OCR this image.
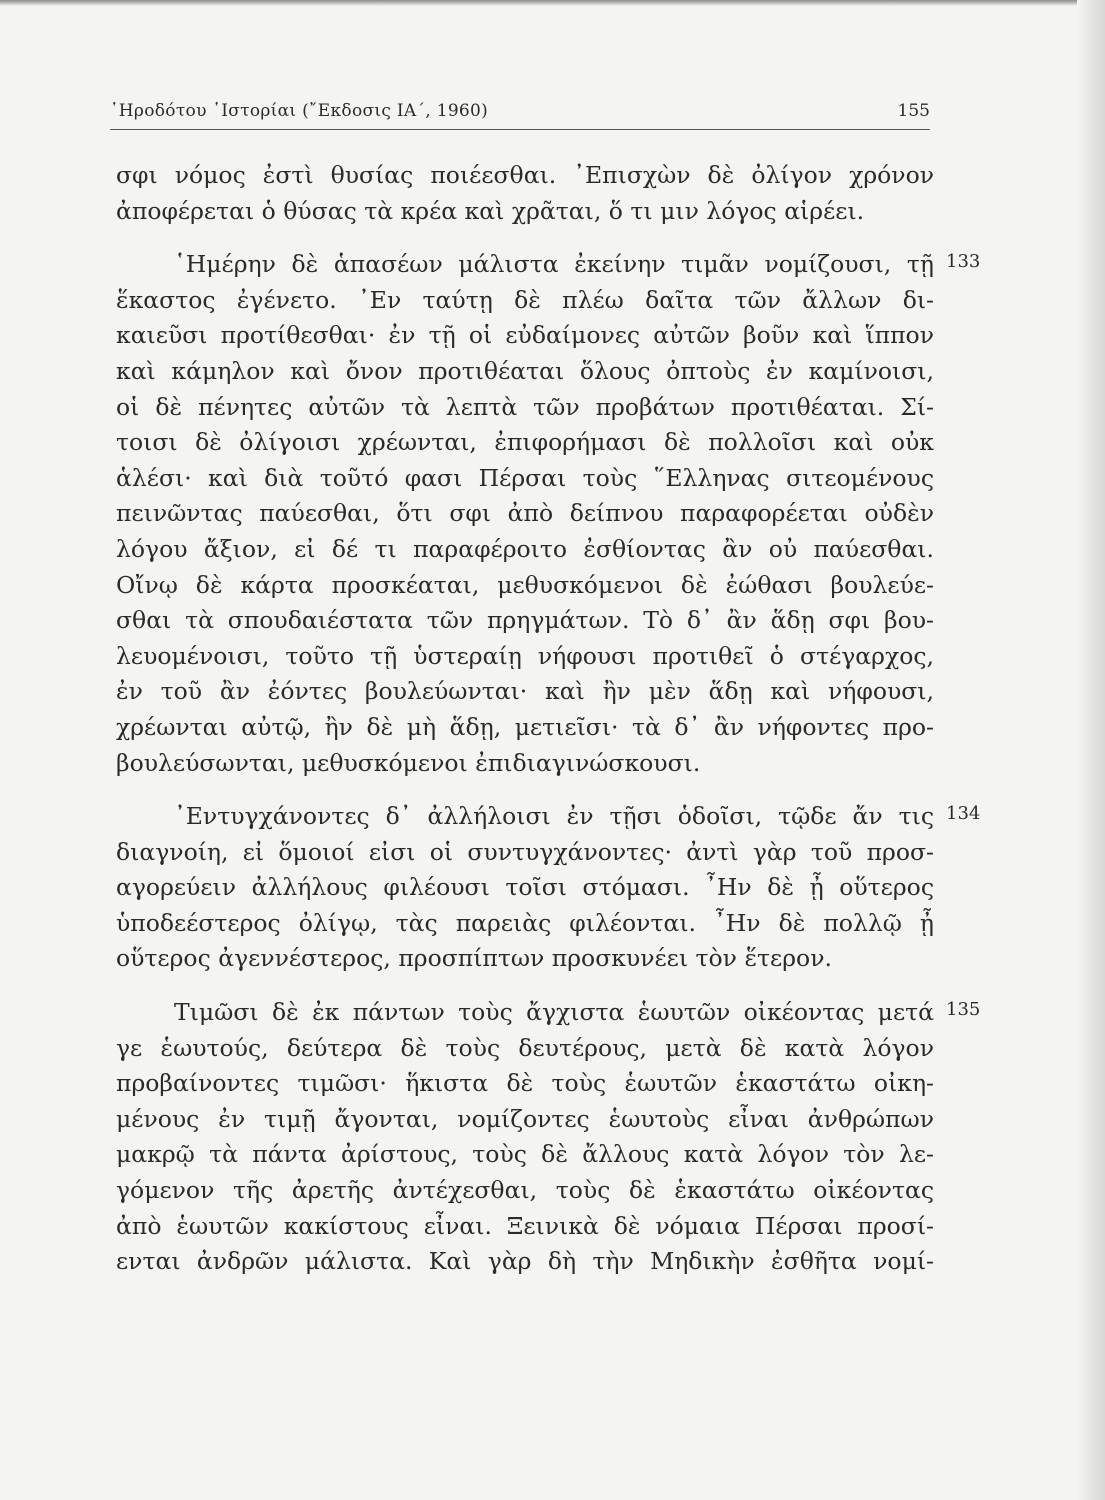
῾Ηροδότου ῾Ιστορίαι (῎Εκδοσις ΙΑ΄, 1960)	155
σφι νόμος ἐστὶ θυσίας ποιέεσθαι. ᾿Επισχὼν δὲ ὀλίγον χρόνον
ἀποφέρεται ὁ θύσας τὰ κρέα καὶ χρᾶται, ὅ τι μιν λόγος αἱρέει.
133
῾Ημέρην δὲ ἁπασέων μάλιστα ἐκείνην τιμᾶν νομίζουσι, τῇ
ἕκαστος ἐγένετο. ᾿Εν ταύτῃ δὲ πλέω δαῖτα τῶν ἄλλων δι-
καιεῦσι προτίθεσθαι· ἐν τῇ οἱ εὐδαίμονες αὐτῶν βοῦν καὶ ἵππον
καὶ κάμηλον καὶ ὄνον προτιθέαται ὅλους ὀπτοὺς ἐν καμίνοισι,
οἱ δὲ πένητες αὐτῶν τὰ λεπτὰ τῶν προβάτων προτιθέαται. Σί-
τοισι δὲ ὀλίγοισι χρέωνται, ἐπιφορήμασι δὲ πολλοῖσι καὶ οὐκ
ἁλέσι· καὶ διὰ τοῦτό φασι Πέρσαι τοὺς ῞Ελληνας σιτεομένους
πεινῶντας παύεσθαι, ὅτι σφι ἀπὸ δείπνου παραφορέεται οὐδὲν
λόγου ἄξιον, εἰ δέ τι παραφέροιτο ἐσθίοντας ἂν οὐ παύεσθαι.
Οἴνῳ δὲ κάρτα προσκέαται, μεθυσκόμενοι δὲ ἐώθασι βουλεύε-
σθαι τὰ σπουδαιέστατα τῶν πρηγμάτων. Τὸ δ᾽ ἂν ἅδῃ σφι βου-
λευομένοισι, τοῦτο τῇ ὑστεραίῃ νήφουσι προτιθεῖ ὁ στέγαρχος,
ἐν τοῦ ἂν ἐόντες βουλεύωνται· καὶ ἢν μὲν ἅδῃ καὶ νήφουσι,
χρέωνται αὐτῷ, ἢν δὲ μὴ ἅδῃ, μετιεῖσι· τὰ δ᾽ ἂν νήφοντες προ-
βουλεύσωνται, μεθυσκόμενοι ἐπιδιαγινώσκουσι.
134
᾿Εντυγχάνοντες δ᾽ ἀλλήλοισι ἐν τῇσι ὁδοῖσι, τῷδε ἄν τις
διαγνοίη, εἰ ὅμοιοί εἰσι οἱ συντυγχάνοντες· ἀντὶ γὰρ τοῦ προσ-
αγορεύειν ἀλλήλους φιλέουσι τοῖσι στόμασι. ῏Ην δὲ ᾖ οὕτερος
ὑποδεέστερος ὀλίγῳ, τὰς παρειὰς φιλέονται. ῏Ην δὲ πολλῷ ᾖ
οὕτερος ἀγεννέστερος, προσπίπτων προσκυνέει τὸν ἕτερον.
135
Τιμῶσι δὲ ἐκ πάντων τοὺς ἄγχιστα ἑωυτῶν οἰκέοντας μετά
γε ἑωυτούς, δεύτερα δὲ τοὺς δευτέρους, μετὰ δὲ κατὰ λόγον
προβαίνοντες τιμῶσι· ἥκιστα δὲ τοὺς ἑωυτῶν ἑκαστάτω οἰκη-
μένους ἐν τιμῇ ἄγονται, νομίζοντες ἑωυτοὺς εἶναι ἀνθρώπων
μακρῷ τὰ πάντα ἀρίστους, τοὺς δὲ ἄλλους κατὰ λόγον τὸν λε-
γόμενον τῆς ἀρετῆς ἀντέχεσθαι, τοὺς δὲ ἑκαστάτω οἰκέοντας
ἀπὸ ἑωυτῶν κακίστους εἶναι. Ξεινικὰ δὲ νόμαια Πέρσαι προσί-
ενται ἀνδρῶν μάλιστα. Καὶ γὰρ δὴ τὴν Μηδικὴν ἐσθῆτα νομί-
